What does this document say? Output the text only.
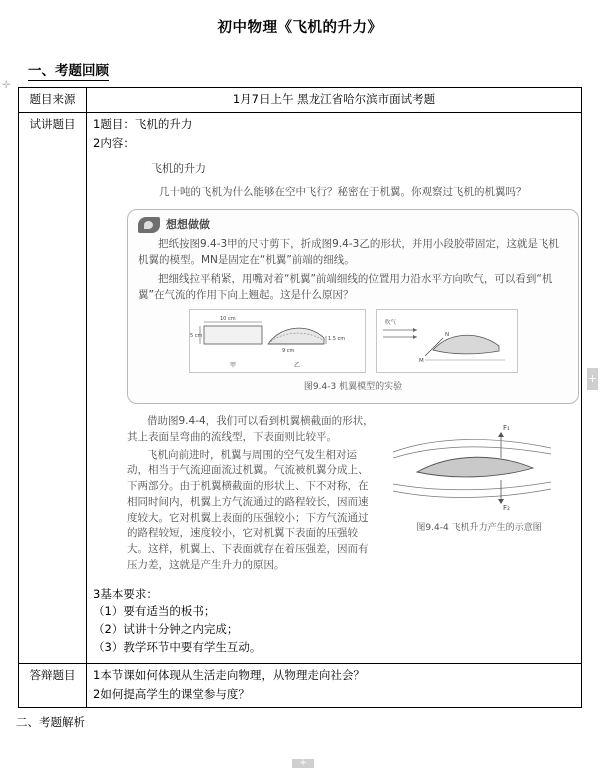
✛
初中物理《飞机的升力》
一、考题回顾
题目来源	1月7日上午 黑龙江省哈尔滨市面试考题
试讲题目	1题目：飞机的升力
2内容：
飞机的升力
几十吨的飞机为什么能够在空中飞行？秘密在于机翼。你观察过飞机的机翼吗？
想想做做

把纸按图9.4-3甲的尺寸剪下，折成图9.4-3乙的形状，并用小段胶带固定，这就是飞机机翼的模型。MN是固定在“机翼”前端的细线。

把细线拉平稍紧，用嘴对着“机翼”前端细线的位置用力沿水平方向吹气，可以看到“机翼”在气流的作用下向上翘起。这是什么原因？

10 cm
5 cm
9 cm
1.5 cm
甲	乙
吹气
M
N
图9.4-3 机翼模型的实验

借助图9.4-4，我们可以看到机翼横截面的形状，其上表面呈弯曲的流线型，下表面则比较平。

飞机向前进时，机翼与周围的空气发生相对运动，相当于气流迎面流过机翼。气流被机翼分成上、下两部分。由于机翼横截面的形状上、下不对称，在相同时间内，机翼上方气流通过的路程较长，因而速度较大。它对机翼上表面的压强较小；下方气流通过的路程较短，速度较小，它对机翼下表面的压强较大。这样，机翼上、下表面就存在着压强差，因而有压力差，这就是产生升力的原因。

F₁
F₂
图9.4-4 飞机升力产生的示意图
3基本要求：
（1）要有适当的板书；
（2）试讲十分钟之内完成；
（3）教学环节中要有学生互动。

答辩题目	1本节课如何体现从生活走向物理，从物理走向社会？
2如何提高学生的课堂参与度？
二、考题解析
+
+
